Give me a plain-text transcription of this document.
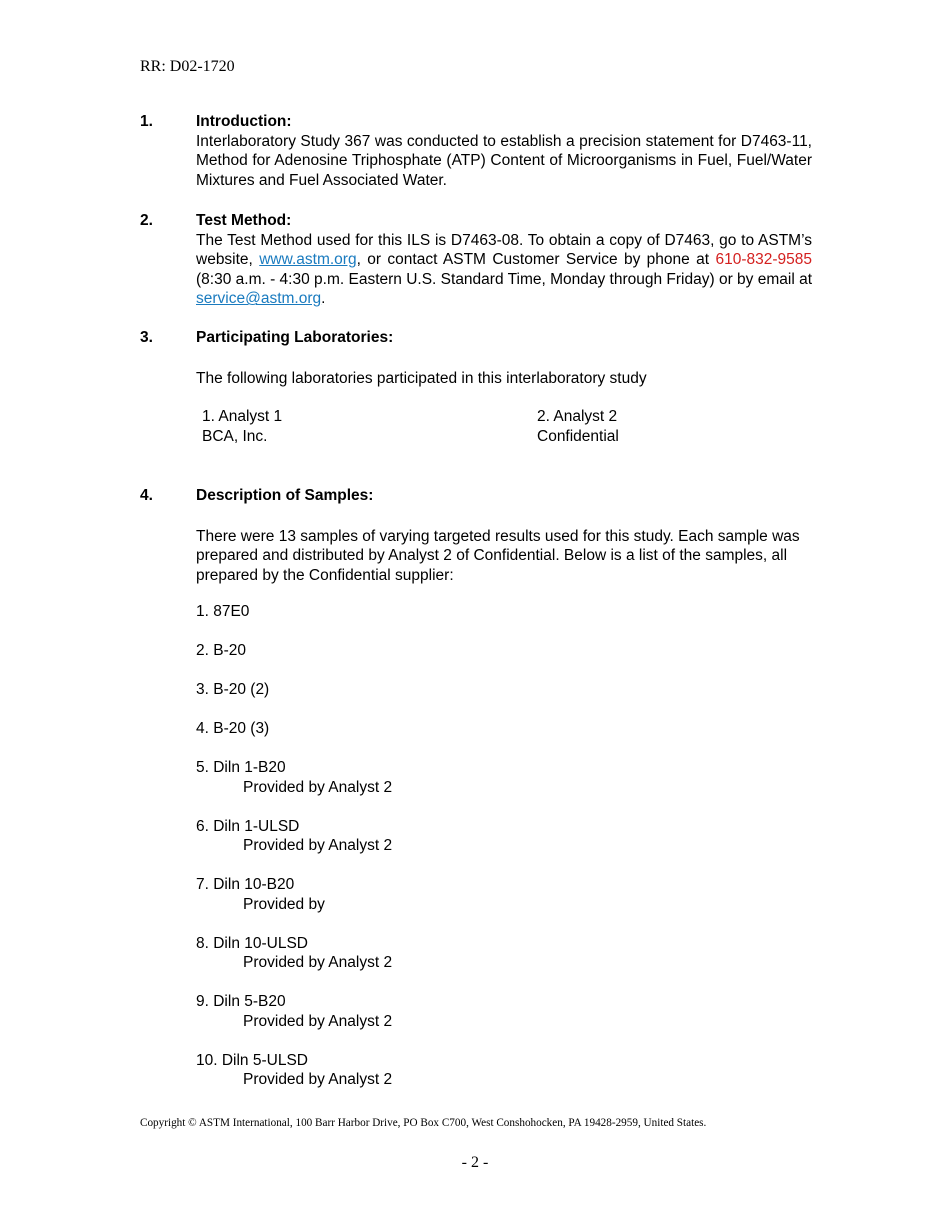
RR: D02-1720
1.	Introduction:
Interlaboratory Study 367 was conducted to establish a precision statement for D7463-11, Method for Adenosine Triphosphate (ATP) Content of Microorganisms in Fuel, Fuel/Water Mixtures and Fuel Associated Water.
2.	Test Method:
The Test Method used for this ILS is D7463-08. To obtain a copy of D7463, go to ASTM’s website, www.astm.org, or contact ASTM Customer Service by phone at 610-832-9585 (8:30 a.m. - 4:30 p.m. Eastern U.S. Standard Time, Monday through Friday) or by email at service@astm.org.
3.	Participating Laboratories:
The following laboratories participated in this interlaboratory study
1. Analyst 1
BCA, Inc.
2. Analyst 2
Confidential
4.	Description of Samples:
There were 13 samples of varying targeted results used for this study. Each sample was prepared and distributed by Analyst 2 of Confidential. Below is a list of the samples, all prepared by the Confidential supplier:
1. 87E0
2. B-20
3. B-20 (2)
4. B-20 (3)
5. Diln 1-B20
Provided by Analyst 2
6. Diln 1-ULSD
Provided by Analyst 2
7. Diln 10-B20
Provided by
8. Diln 10-ULSD
Provided by Analyst 2
9. Diln 5-B20
Provided by Analyst 2
10. Diln 5-ULSD
Provided by Analyst 2
Copyright © ASTM International, 100 Barr Harbor Drive, PO Box C700, West Conshohocken, PA 19428-2959, United States.
- 2 -
